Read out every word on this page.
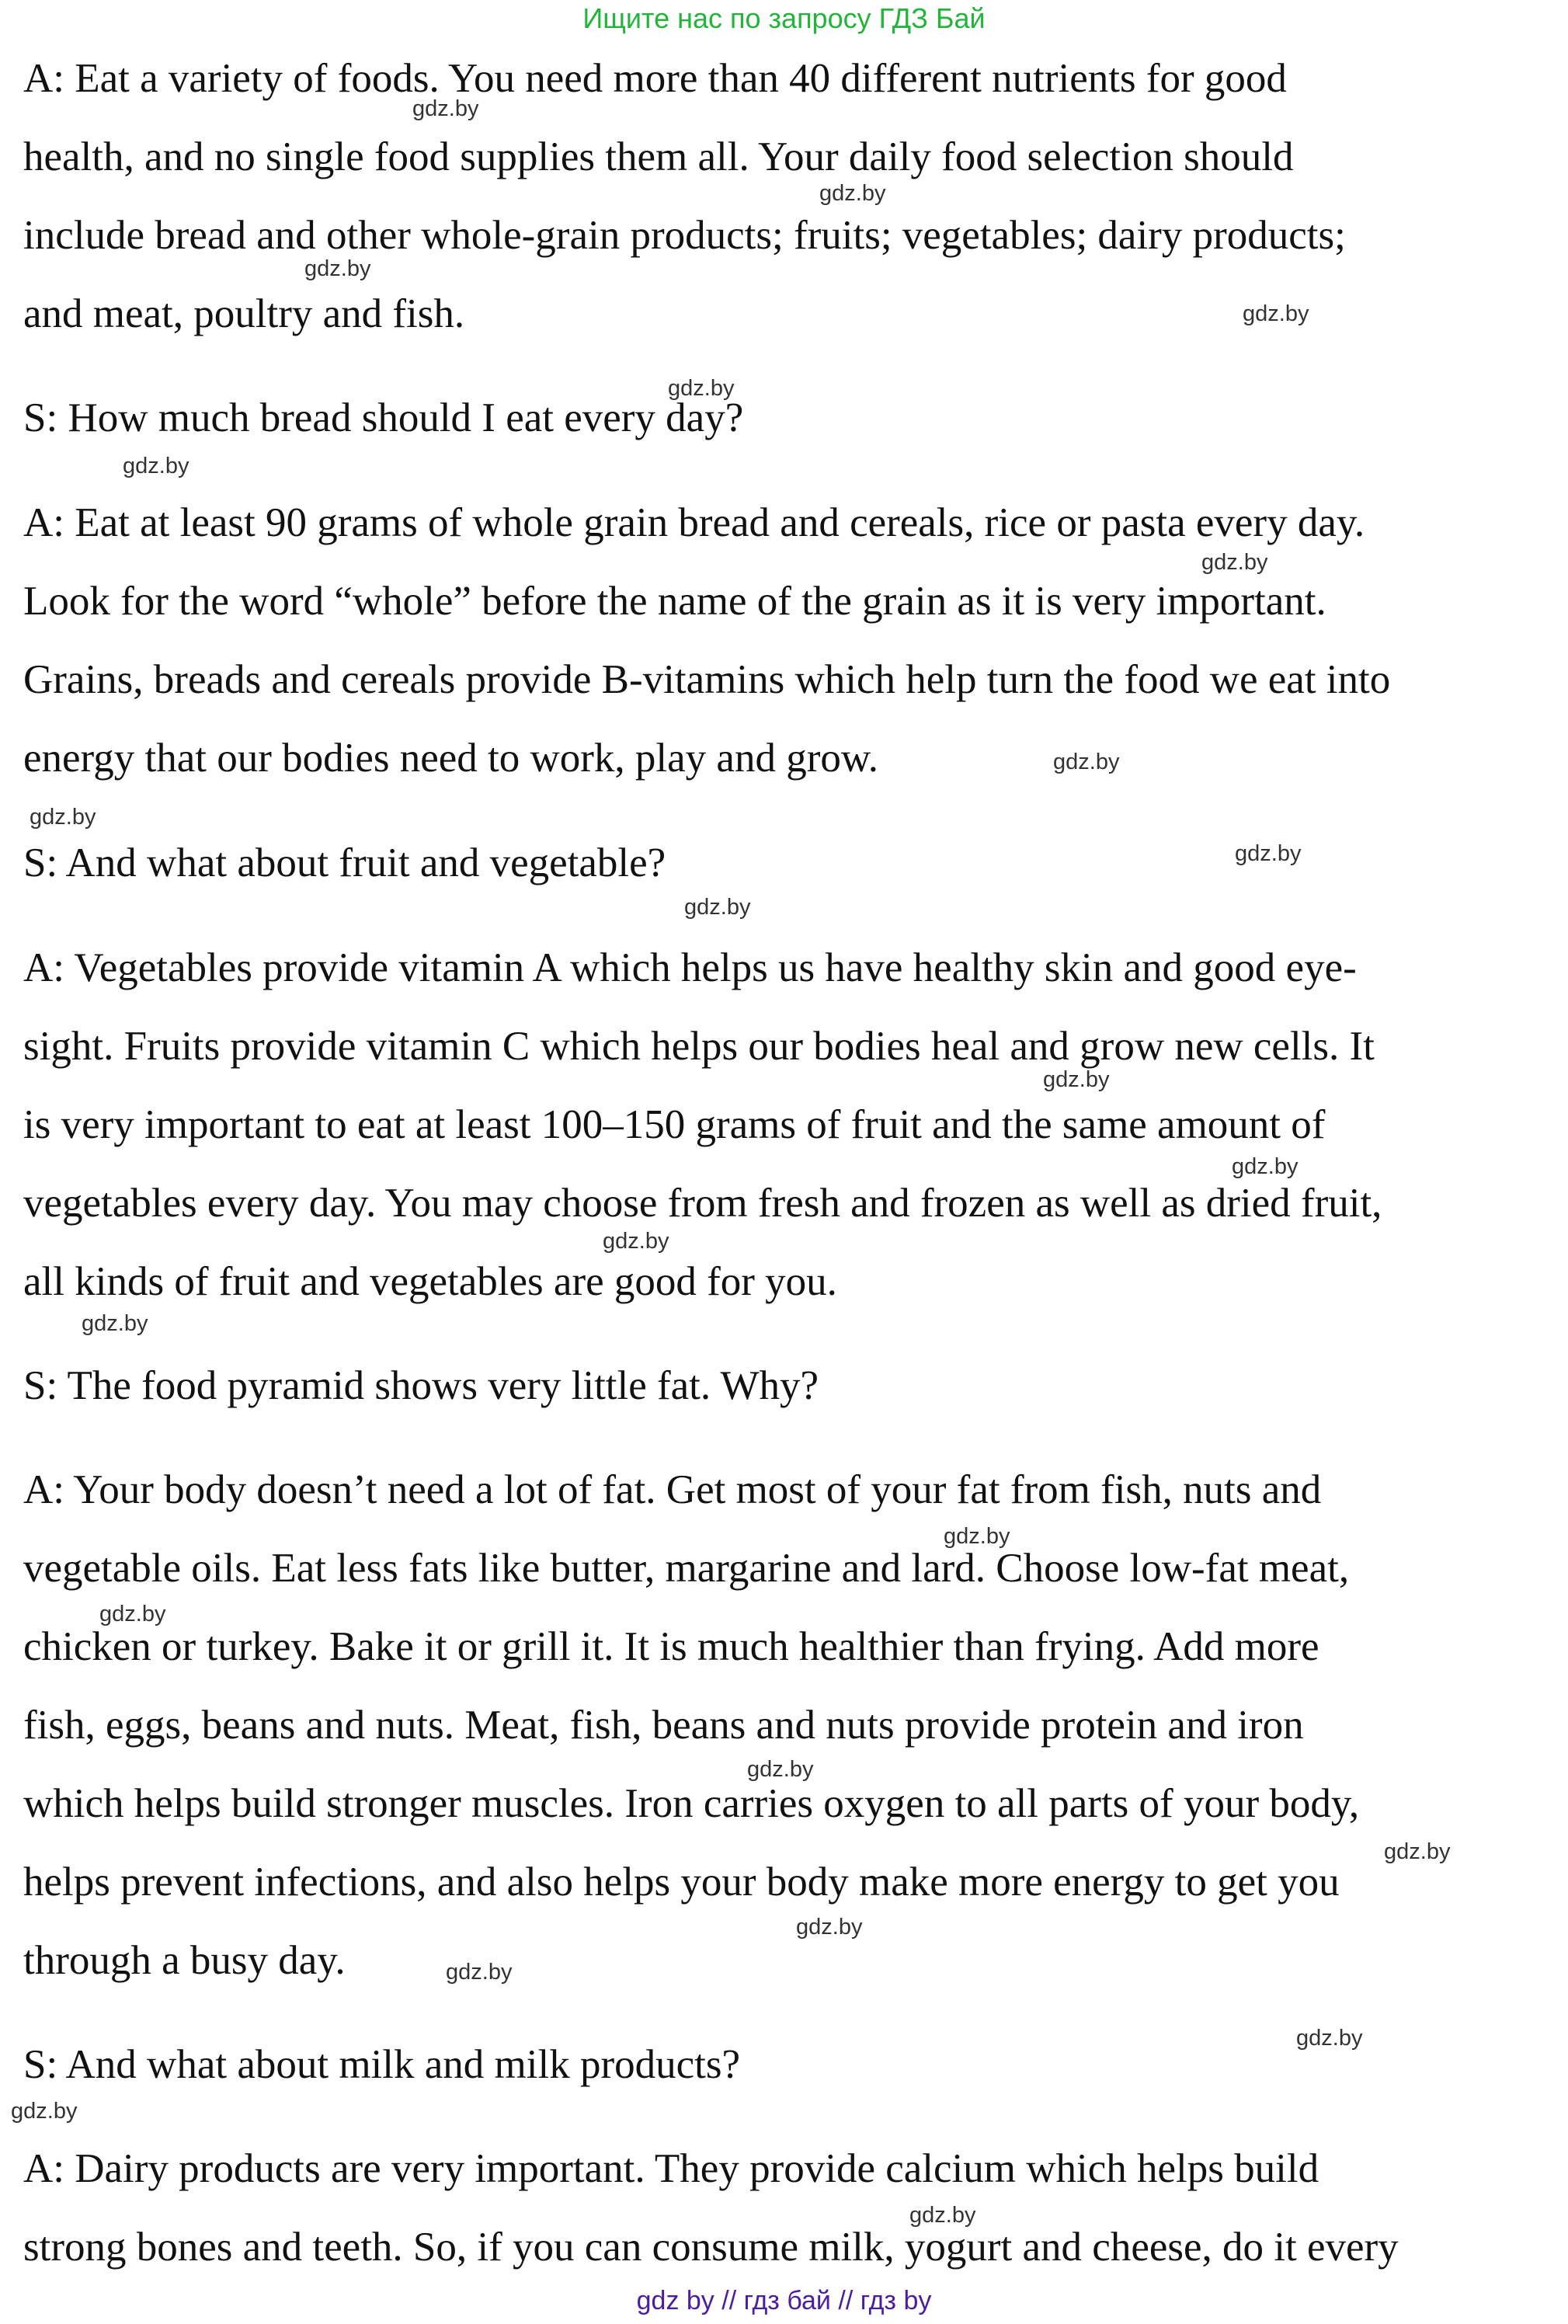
Ищите нас по запросу ГДЗ Бай
A: Eat a variety of foods. You need more than 40 different nutrients for good
health, and no single food supplies them all. Your daily food selection should
include bread and other whole-grain products; fruits; vegetables; dairy products;
and meat, poultry and fish.
S: How much bread should I eat every day?
A: Eat at least 90 grams of whole grain bread and cereals, rice or pasta every day.
Look for the word “whole” before the name of the grain as it is very important.
Grains, breads and cereals provide B-vitamins which help turn the food we eat into
energy that our bodies need to work, play and grow.
S: And what about fruit and vegetable?
A: Vegetables provide vitamin A which helps us have healthy skin and good eye-
sight. Fruits provide vitamin C which helps our bodies heal and grow new cells. It
is very important to eat at least 100–150 grams of fruit and the same amount of
vegetables every day. You may choose from fresh and frozen as well as dried fruit,
all kinds of fruit and vegetables are good for you.
S: The food pyramid shows very little fat. Why?
A: Your body doesn’t need a lot of fat. Get most of your fat from fish, nuts and
vegetable oils. Eat less fats like butter, margarine and lard. Choose low-fat meat,
chicken or turkey. Bake it or grill it. It is much healthier than frying. Add more
fish, eggs, beans and nuts. Meat, fish, beans and nuts provide protein and iron
which helps build stronger muscles. Iron carries oxygen to all parts of your body,
helps prevent infections, and also helps your body make more energy to get you
through a busy day.
S: And what about milk and milk products?
A: Dairy products are very important. They provide calcium which helps build
strong bones and teeth. So, if you can consume milk, yogurt and cheese, do it every
gdz.by
gdz.by
gdz.by
gdz.by
gdz.by
gdz.by
gdz.by
gdz.by
gdz.by
gdz.by
gdz.by
gdz.by
gdz.by
gdz.by
gdz.by
gdz.by
gdz.by
gdz.by
gdz.by
gdz.by
gdz.by
gdz.by
gdz.by
gdz.by
gdz by // гдз бай // гдз by
